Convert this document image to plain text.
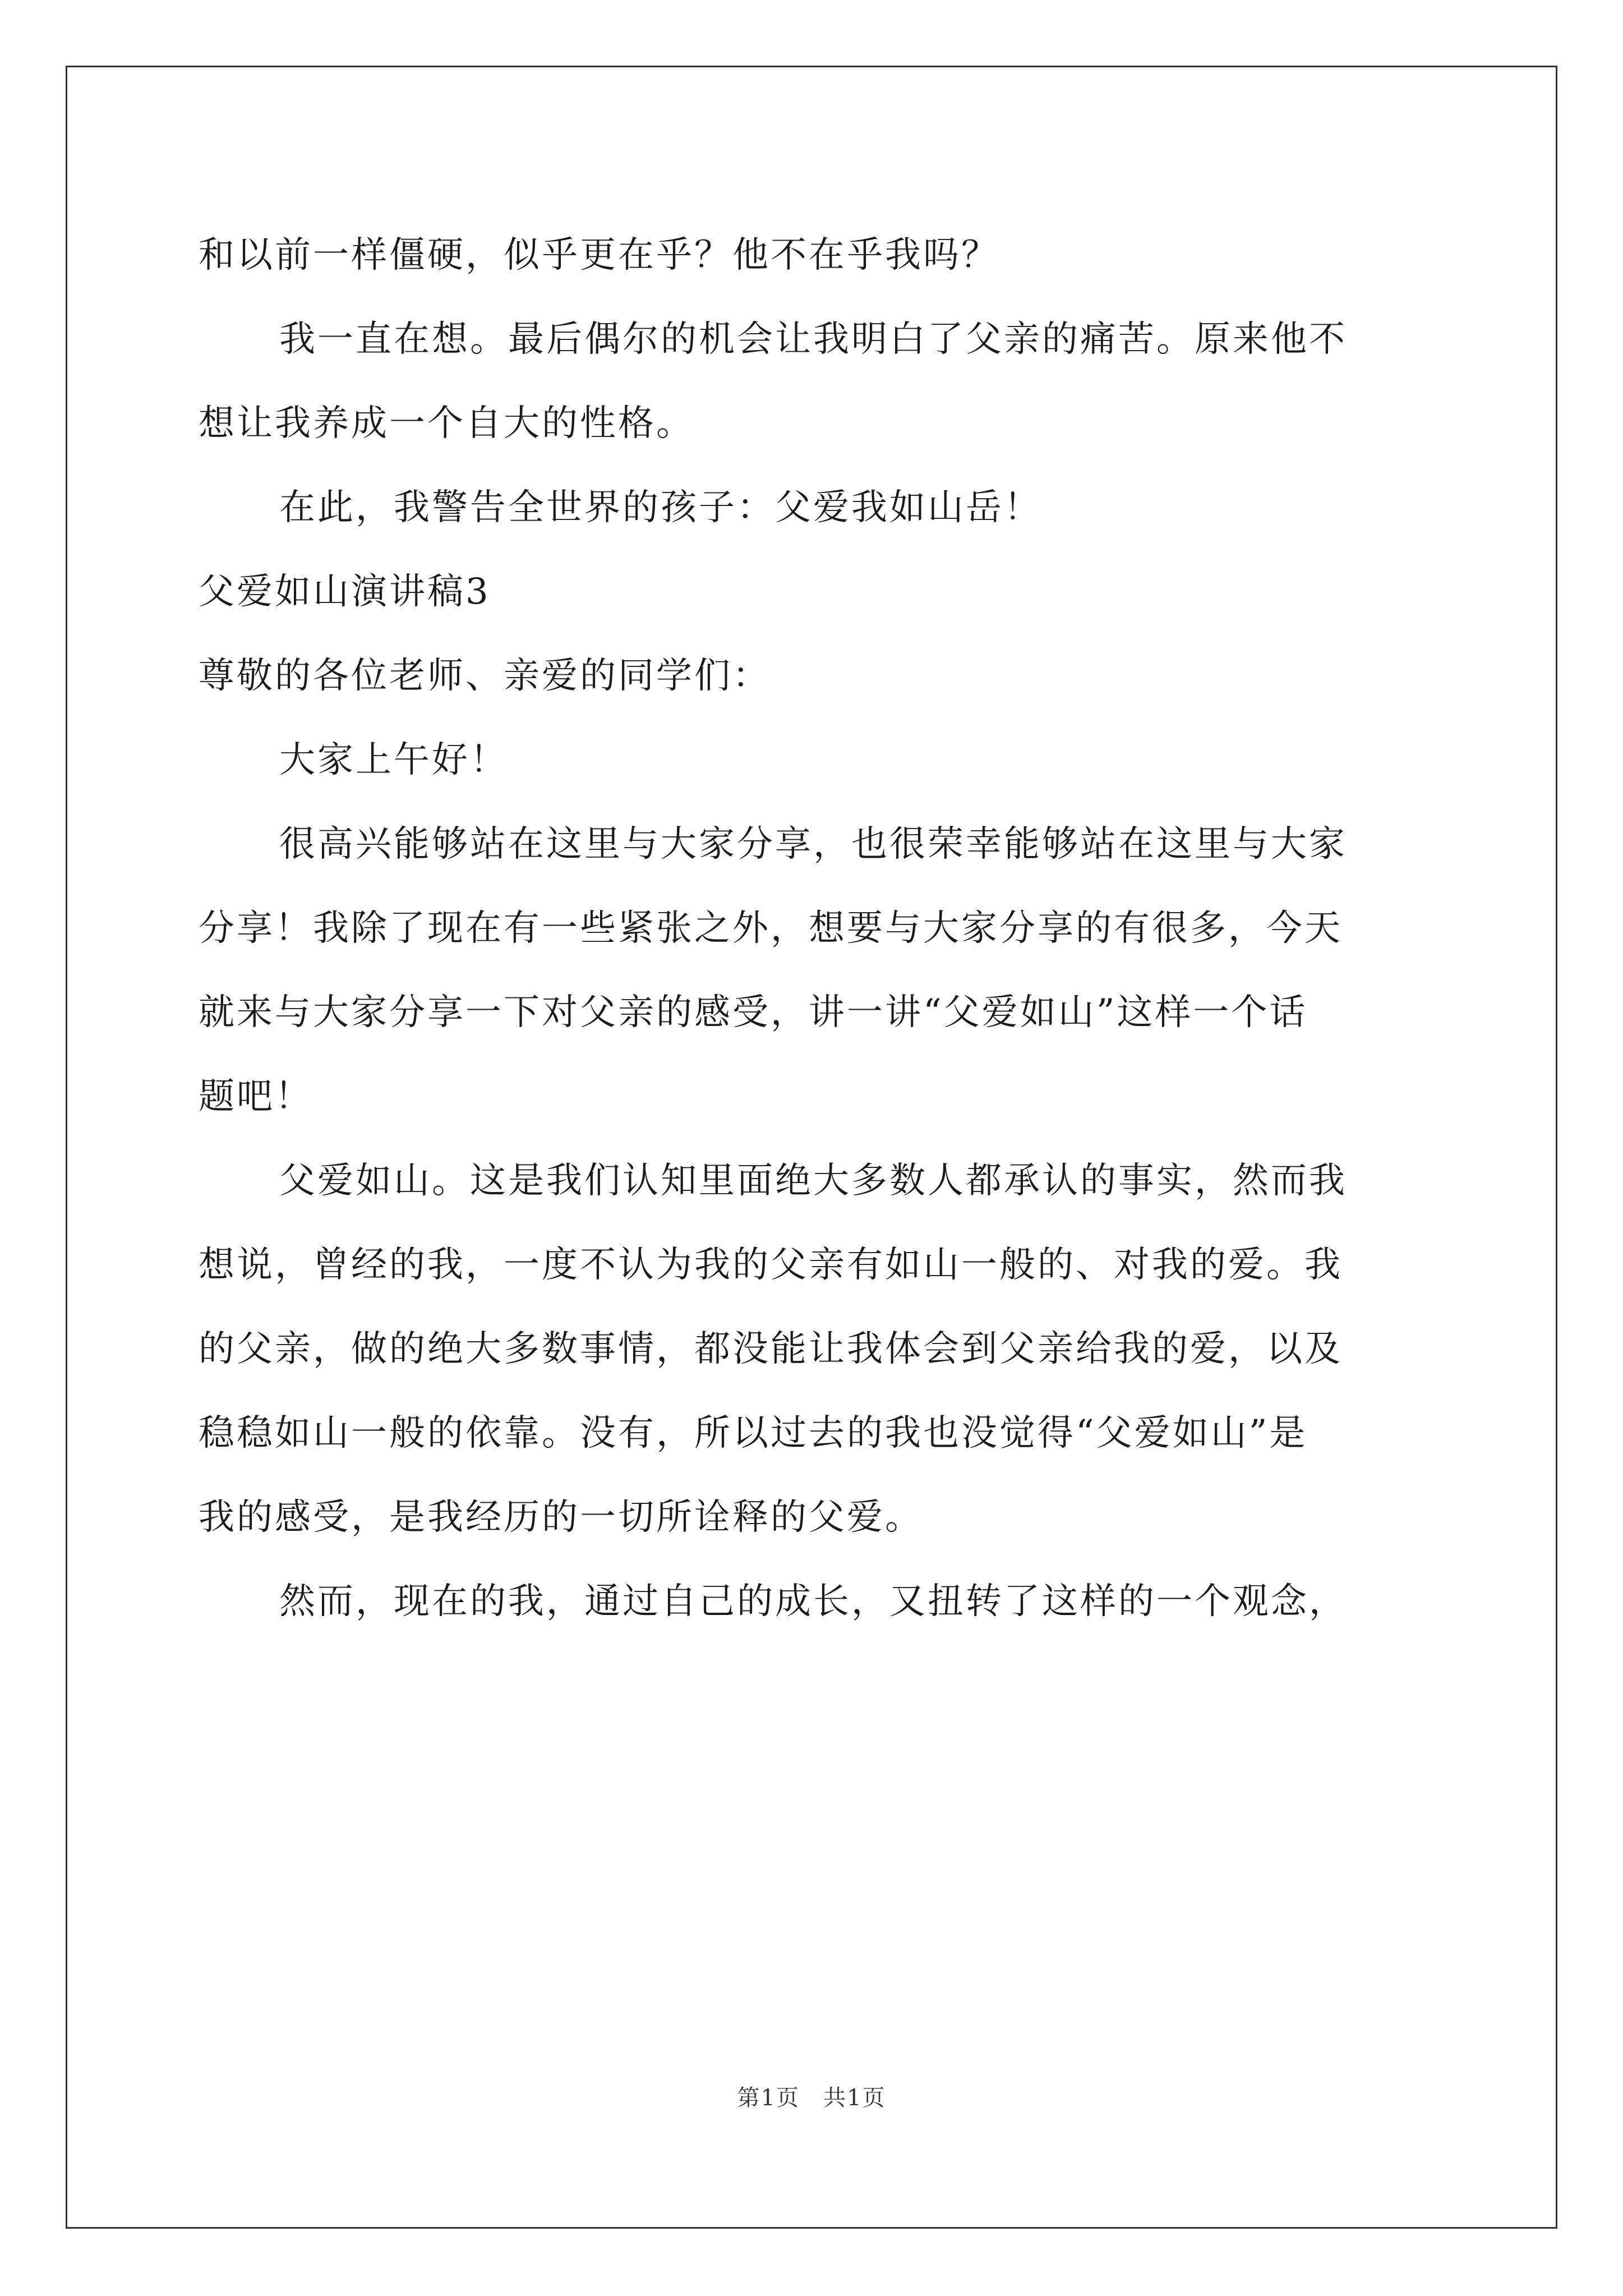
和以前一样僵硬，似乎更在乎？他不在乎我吗？
我一直在想。最后偶尔的机会让我明白了父亲的痛苦。原来他不
想让我养成一个自大的性格。
在此，我警告全世界的孩子：父爱我如山岳！
父爱如山演讲稿3
尊敬的各位老师、亲爱的同学们：
大家上午好！
很高兴能够站在这里与大家分享，也很荣幸能够站在这里与大家
分享！我除了现在有一些紧张之外，想要与大家分享的有很多，今天
就来与大家分享一下对父亲的感受，讲一讲“父爱如山”这样一个话
题吧！
父爱如山。这是我们认知里面绝大多数人都承认的事实，然而我
想说，曾经的我，一度不认为我的父亲有如山一般的、对我的爱。我
的父亲，做的绝大多数事情，都没能让我体会到父亲给我的爱，以及
稳稳如山一般的依靠。没有，所以过去的我也没觉得“父爱如山”是
我的感受，是我经历的一切所诠释的父爱。
然而，现在的我，通过自己的成长，又扭转了这样的一个观念，
第1页　共1页
